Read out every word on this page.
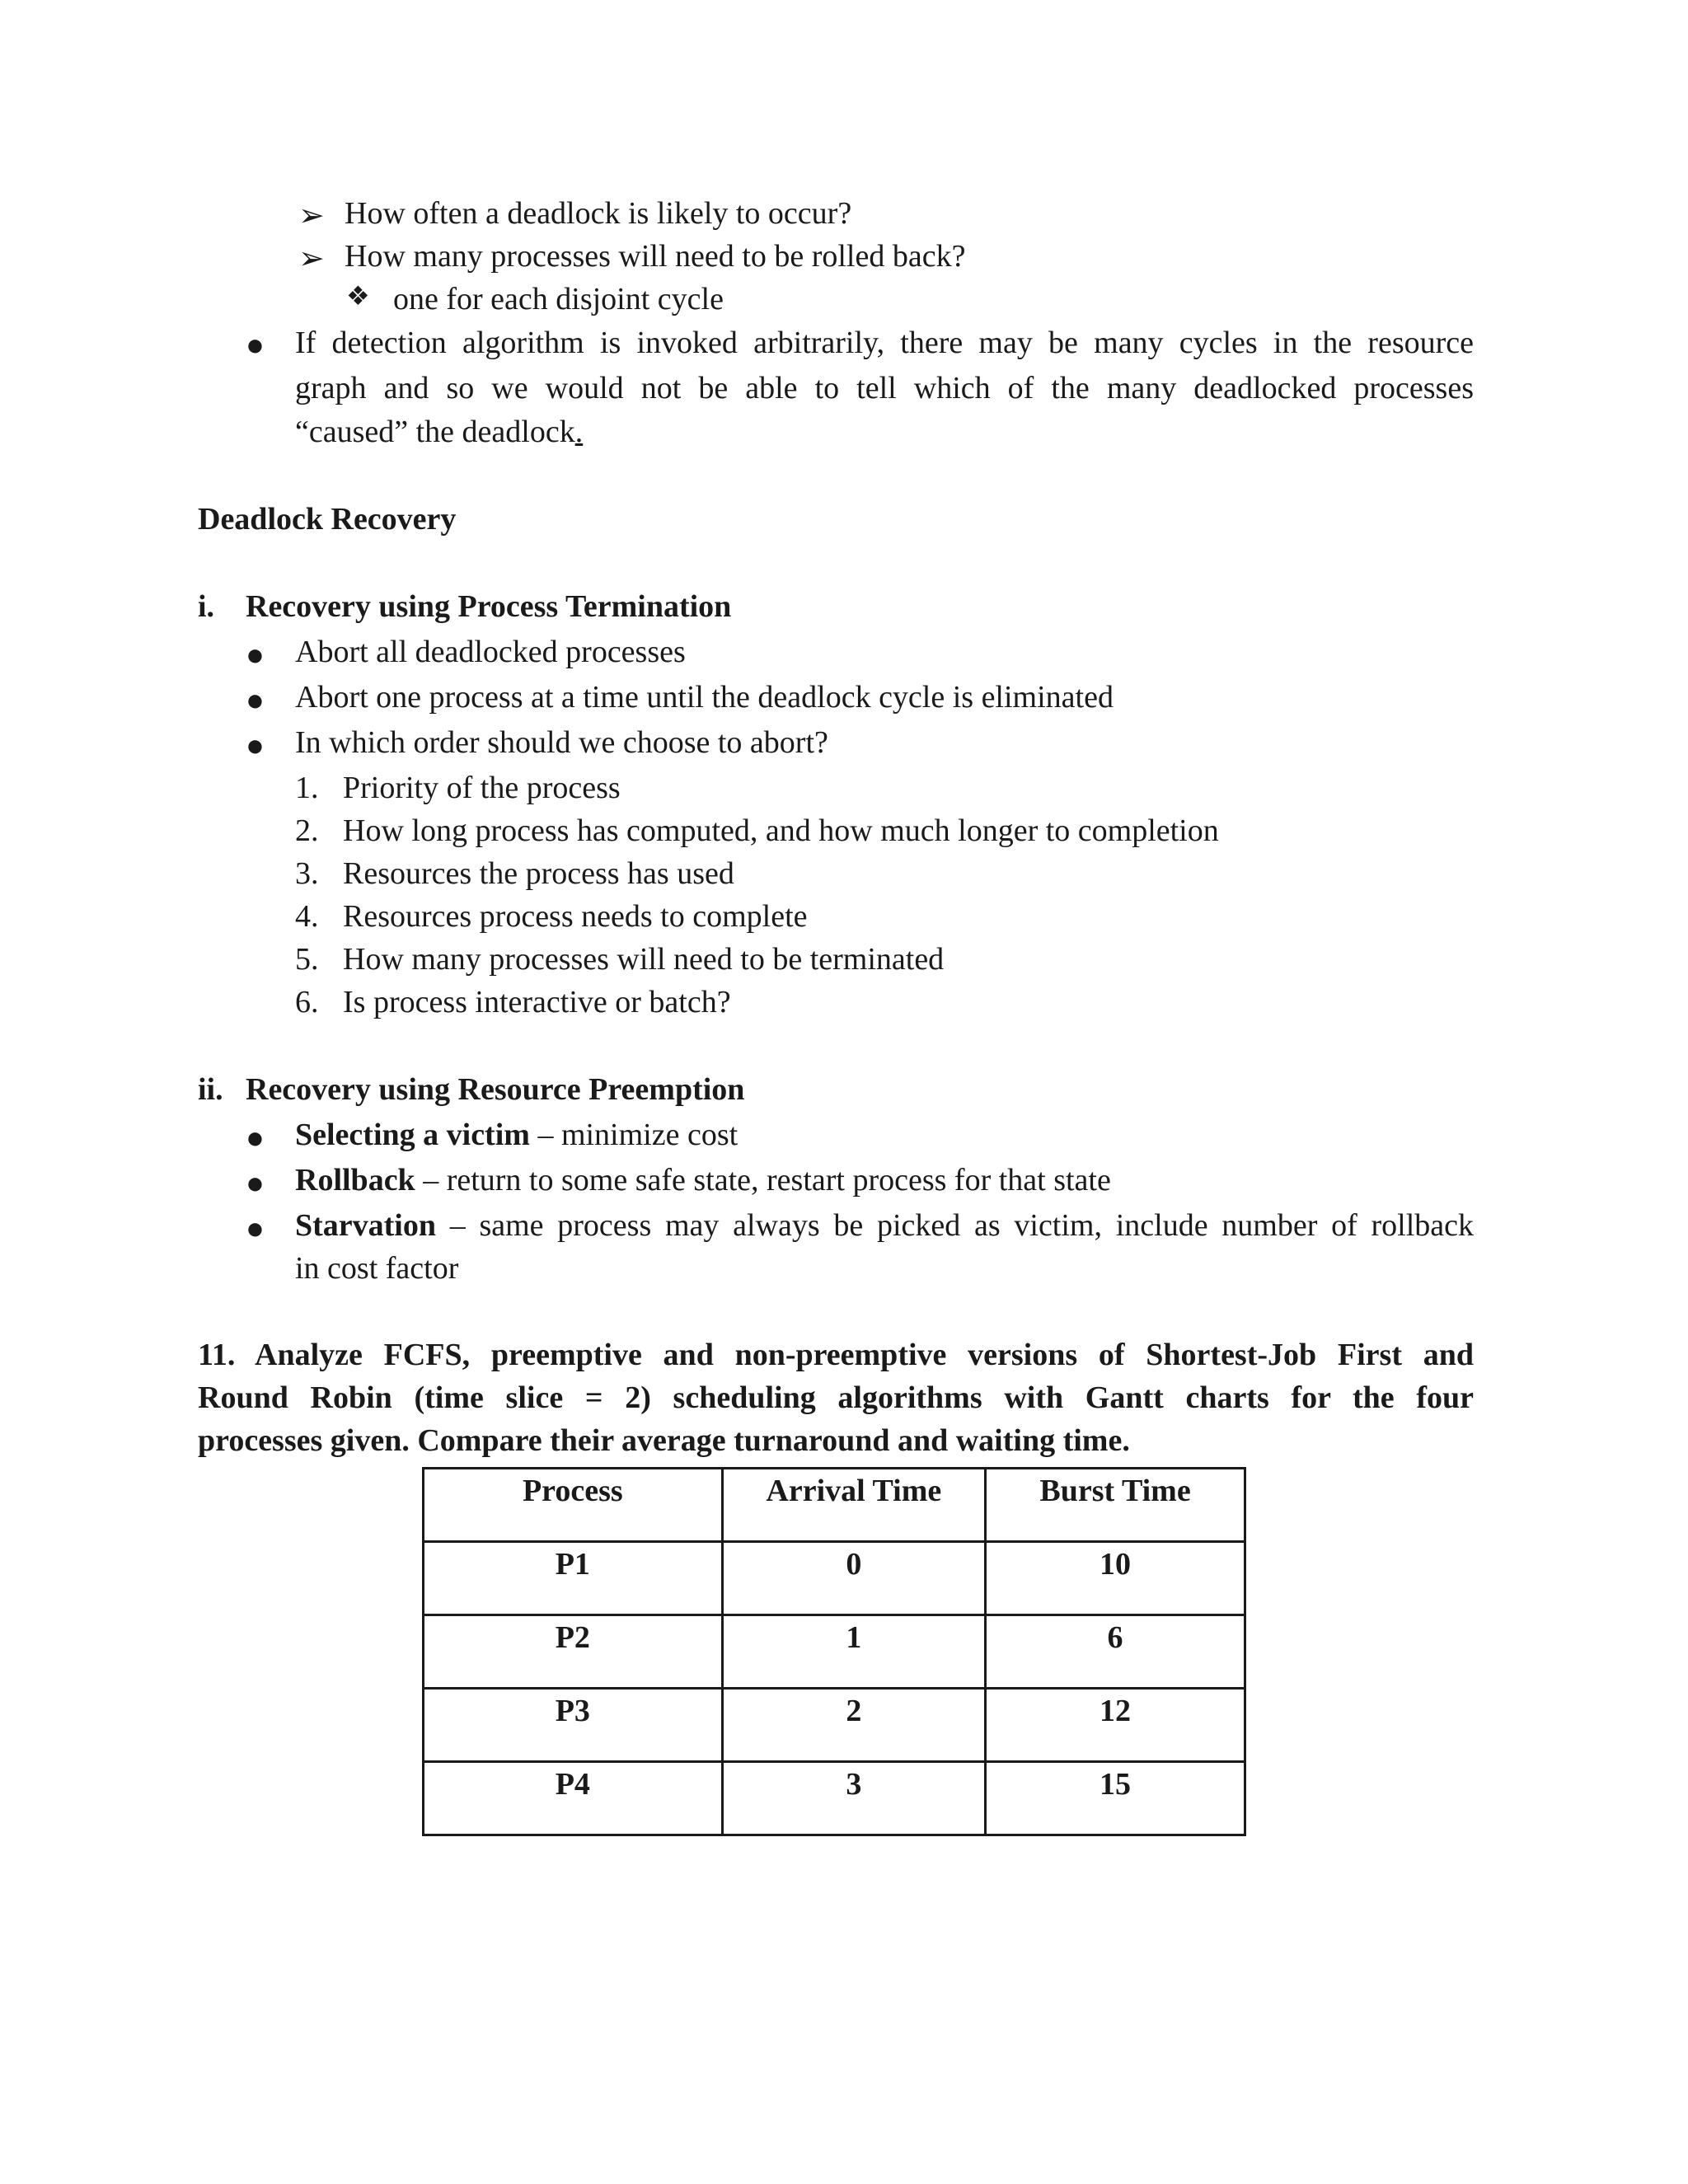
➢ How often a deadlock is likely to occur?
➢ How many processes will need to be rolled back?
❖ one for each disjoint cycle
● If detection algorithm is invoked arbitrarily, there may be many cycles in the resource
graph and so we would not be able to tell which of the many deadlocked processes
“caused” the deadlock.
Deadlock Recovery
i. Recovery using Process Termination
● Abort all deadlocked processes
● Abort one process at a time until the deadlock cycle is eliminated
● In which order should we choose to abort?
1. Priority of the process
2. How long process has computed, and how much longer to completion
3. Resources the process has used
4. Resources process needs to complete
5. How many processes will need to be terminated
6. Is process interactive or batch?
ii. Recovery using Resource Preemption
● Selecting a victim – minimize cost
● Rollback – return to some safe state, restart process for that state
● Starvation – same process may always be picked as victim, include number of rollback
in cost factor
11. Analyze FCFS, preemptive and non-preemptive versions of Shortest-Job First and
Round Robin (time slice = 2) scheduling algorithms with Gantt charts for the four
processes given. Compare their average turnaround and waiting time.
Process	Arrival Time	Burst Time
P1	0	10
P2	1	6
P3	2	12
P4	3	15
